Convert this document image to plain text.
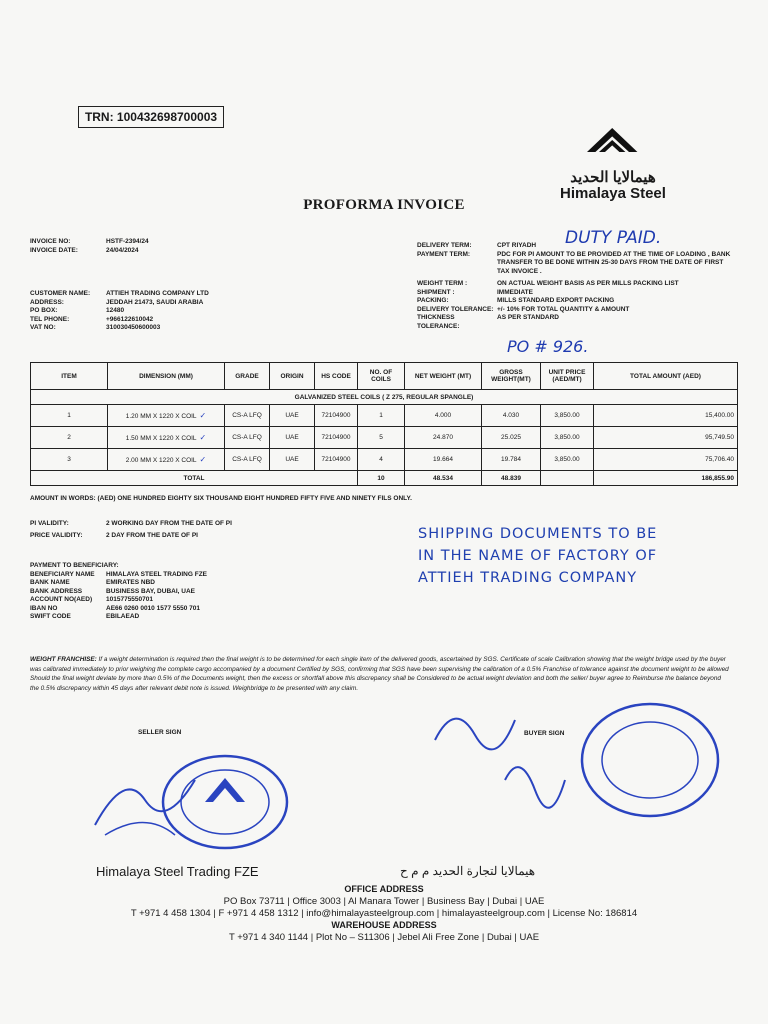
TRN: 100432698700003
هيمالايا الحديد
Himalaya Steel
PROFORMA INVOICE
INVOICE NO:	HSTF-2394/24
INVOICE DATE:	24/04/2024
CUSTOMER NAME:	ATTIEH TRADING COMPANY LTD
ADDRESS:	JEDDAH 21473, SAUDI ARABIA
PO BOX:	12480
TEL PHONE:	+966122610042
VAT NO:	310030450600003
DELIVERY TERM:	CPT RIYADH
PAYMENT TERM:	PDC FOR PI AMOUNT TO BE PROVIDED AT THE TIME OF LOADING , BANK TRANSFER TO BE DONE WITHIN 25-30 DAYS FROM THE DATE OF FIRST TAX INVOICE .
WEIGHT TERM :	ON ACTUAL WEIGHT BASIS AS PER MILLS PACKING LIST
SHIPMENT :	IMMEDIATE
PACKING:	MILLS STANDARD EXPORT PACKING
DELIVERY TOLERANCE: +/- 10% FOR TOTAL QUANTITY & AMOUNT
THICKNESS TOLERANCE:
AS PER STANDARD
DUTY PAID.
PO # 926.
ITEM	DIMENSION (MM)	GRADE	ORIGIN	HS CODE	NO. OF COILS	NET WEIGHT (MT)	GROSS WEIGHT(MT)	UNIT PRICE (AED/MT)	TOTAL AMOUNT (AED)
GALVANIZED STEEL COILS ( Z 275, REGULAR SPANGLE)									
1	1.20 MM X 1220 X COIL ✓	CS-A LFQ	UAE	72104900	1	4.000	4.030	3,850.00	15,400.00
2	1.50 MM X 1220 X COIL ✓	CS-A LFQ	UAE	72104900	5	24.870	25.025	3,850.00	95,749.50
3	2.00 MM X 1220 X COIL ✓	CS-A LFQ	UAE	72104900	4	19.664	19.784	3,850.00	75,706.40
TOTAL					10	48.534	48.839		186,855.90
AMOUNT IN WORDS: (AED) ONE HUNDRED EIGHTY SIX THOUSAND EIGHT HUNDRED FIFTY FIVE AND NINETY FILS ONLY.
PI VALIDITY:	2 WORKING DAY FROM THE DATE OF PI
PRICE VALIDITY:	2 DAY FROM THE DATE OF PI
PAYMENT TO BENEFICIARY:
BENEFICIARY NAME	HIMALAYA STEEL TRADING FZE
BANK NAME	EMIRATES NBD
BANK ADDRESS	BUSINESS BAY, DUBAI, UAE
ACCOUNT NO(AED)	1015775550701
IBAN NO	AE66 0260 0010 1577 5550 701
SWIFT CODE	EBILAEAD
SHIPPING DOCUMENTS TO BE
IN THE NAME OF FACTORY OF
ATTIEH TRADING COMPANY
WEIGHT FRANCHISE: If a weight determination is required then the final weight is to be determined for each single item of the delivered goods, ascertained by SGS. Certificate of scale Calibration showing that the weight bridge used by the buyer was calibrated immediately to prior weighing the complete cargo accompanied by a document Certified by SGS, confirming that SGS have been supervising the calibration of a 0.5% Franchise of tolerance against the document weight to be allowed Should the final weight deviate by more than 0.5% of the Documents weight, then the excess or shortfall above this discrepancy shall be Considered to be actual weight deviation and both the seller/ buyer agree to Reimburse the balance beyond the 0.5% discrepancy within 45 days after relevant debit note is issued. Weighbridge to be presented with any claim.
SELLER SIGN	BUYER SIGN
Himalaya Steel Trading FZE	هيمالايا لتجارة الحديد م م ح
OFFICE ADDRESS
PO Box 73711 | Office 3003 | Al Manara Tower | Business Bay | Dubai | UAE
T +971 4 458 1304 | F +971 4 458 1312 | info@himalayasteelgroup.com | himalayasteelgroup.com | License No: 186814
WAREHOUSE ADDRESS
T +971 4 340 1144 | Plot No – S11306 | Jebel Ali Free Zone | Dubai | UAE
